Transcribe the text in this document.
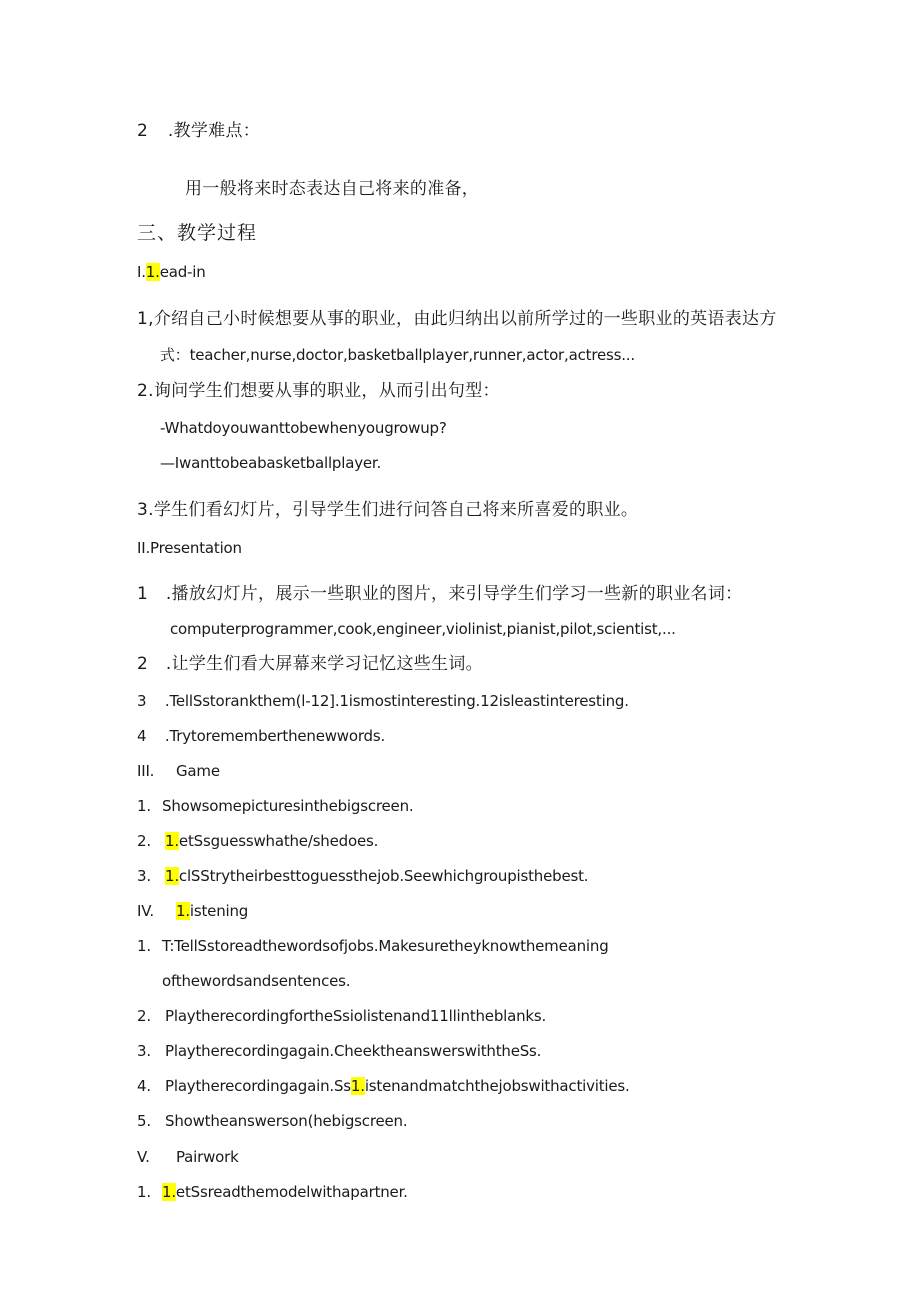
2 .教学难点：
用一般将来时态表达自己将来的准备，
三、教学过程
I.1.ead-in
1,介绍自己小时候想要从事的职业，由此归纳出以前所学过的一些职业的英语表达方
式：teacher,nurse,doctor,basketballplayer,runner,actor,actress...
2.询问学生们想要从事的职业，从而引出句型：
-Whatdoyouwanttobewhenyougrowup?
—Iwanttobeabasketballplayer.
3.学生们看幻灯片，引导学生们进行问答自己将来所喜爱的职业。
II.Presentation
1 .播放幻灯片，展示一些职业的图片，来引导学生们学习一些新的职业名词：
computerprogrammer,cook,engineer,violinist,pianist,pilot,scientist,...
2 .让学生们看大屏幕来学习记忆这些生词。
3 .TellSstorankthem(l-12].1ismostinteresting.12isleastinteresting.
4 .Trytorememberthenewwords.
III. Game
1. Showsomepicturesinthebigscreen.
2. 1.etSsguesswhathe/shedoes.
3. 1.clSStrytheirbesttoguessthejob.Seewhichgroupisthebest.
IV. 1.istening
1. T:TellSstoreadthewordsofjobs.Makesuretheyknowthemeaning
ofthewordsandsentences.
2. PlaytherecordingfortheSsiolistenand11llintheblanks.
3. Playtherecordingagain.CheektheanswerswiththeSs.
4. Playtherecordingagain.Ss1.istenandmatchthejobswithactivities.
5. Showtheanswerson(hebigscreen.
V. Pairwork
1. 1.etSsreadthemodelwithapartner.
